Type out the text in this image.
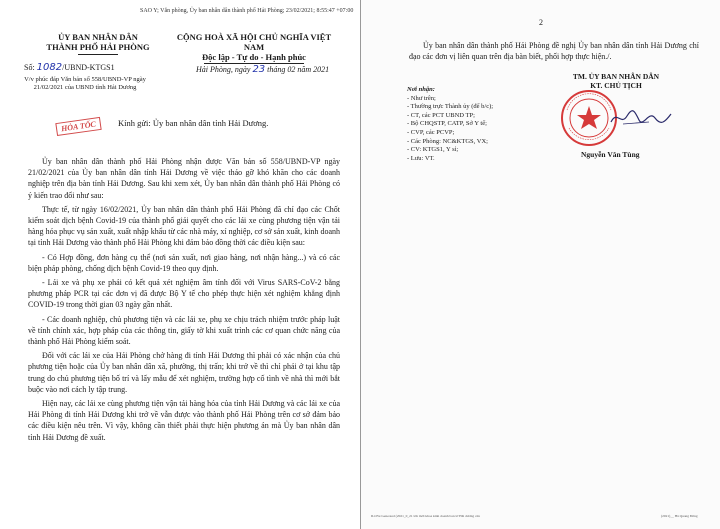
SAO Y; Văn phòng, Ủy ban nhân dân thành phố Hải Phòng; 23/02/2021; 8:55:47 +07:00
ỦY BAN NHÂN DÂN
THÀNH PHỐ HẢI PHÒNG
CỘNG HOÀ XÃ HỘI CHỦ NGHĨA VIỆT NAM
Độc lập - Tự do - Hạnh phúc
Số: 1082/UBND-KTGS1
V/v phúc đáp Văn bản số 558/UBND-VP ngày 21/02/2021 của UBND tỉnh Hải Dương
Hải Phòng, ngày 23 tháng 02 năm 2021
HỎA TỐC	Kính gửi: Ủy ban nhân dân tỉnh Hải Dương.

Ủy ban nhân dân thành phố Hải Phòng nhận được Văn bản số 558/UBND-VP ngày 21/02/2021 của Ủy ban nhân dân tỉnh Hải Dương về việc tháo gỡ khó khăn cho các doanh nghiệp trên địa bàn tỉnh Hải Dương. Sau khi xem xét, Ủy ban nhân dân thành phố Hải Phòng có ý kiến trao đổi như sau:

Thực tế, từ ngày 16/02/2021, Ủy ban nhân dân thành phố Hải Phòng đã chỉ đạo các Chốt kiểm soát dịch bệnh Covid-19 của thành phố giải quyết cho các lái xe cùng phương tiện vận tải hàng hóa phục vụ sản xuất, xuất nhập khẩu từ các nhà máy, xí nghiệp, cơ sở sản xuất, kinh doanh tại tỉnh Hải Dương vào thành phố Hải Phòng khi đảm bảo đồng thời các điều kiện sau:

- Có Hợp đồng, đơn hàng cụ thể (nơi sản xuất, nơi giao hàng, nơi nhận hàng...) và có các biện pháp phòng, chống dịch bệnh Covid-19 theo quy định.

- Lái xe và phụ xe phải có kết quả xét nghiệm âm tính đối với Virus SARS-CoV-2 bằng phương pháp PCR tại các đơn vị đã được Bộ Y tế cho phép thực hiện xét nghiệm khẳng định COVID-19 trong thời gian 03 ngày gần nhất.

- Các doanh nghiệp, chủ phương tiện và các lái xe, phụ xe chịu trách nhiệm trước pháp luật về tính chính xác, hợp pháp của các thông tin, giấy tờ khi xuất trình các cơ quan chức năng của thành phố Hải Phòng kiểm soát.

Đối với các lái xe của Hải Phòng chở hàng đi tỉnh Hải Dương thì phải có xác nhận của chủ phương tiện hoặc của Ủy ban nhân dân xã, phường, thị trấn; khi trở về thì chỉ phải ở tại khu tập trung do chủ phương tiện bố trí và lấy mẫu để xét nghiệm, trường hợp cố tình về nhà thì mới bắt buộc vào nơi cách ly tập trung.

Hiện nay, các lái xe cùng phương tiện vận tải hàng hóa của tỉnh Hải Dương và các lái xe của Hải Phòng đi tỉnh Hải Dương khi trở về vẫn được vào thành phố Hải Phòng trên cơ sở đảm bảo các điều kiện nêu trên. Vì vậy, không cần thiết phải thực hiện phương án mà Ủy ban nhân dân tỉnh Hải Dương đề xuất.

2
Ủy ban nhân dân thành phố Hải Phòng đề nghị Ủy ban nhân dân tỉnh Hải Dương chỉ đạo các đơn vị liên quan trên địa bàn biết, phối hợp thực hiện./.
Nơi nhận:
- Như trên;
- Thường trực Thành ủy (để b/c);
- CT, các PCT UBND TP;
- Bộ CHQSTP, CATP, Sở Y tế;
- CVP, các PCVP;
- Các Phòng: NC&KTGS, VX;
- CV: KTGS1, Y sỉ;
- Lưu: VT.
TM. ỦY BAN NHÂN DÂN
KT. CHỦ TỊCH
Nguyễn Văn Tùng
ILOVe Geneoted (2021_0_21 lớn mới khoa kinh doanh ban lớ Hải dương cán	(2021)__ Hà Quang Đông
